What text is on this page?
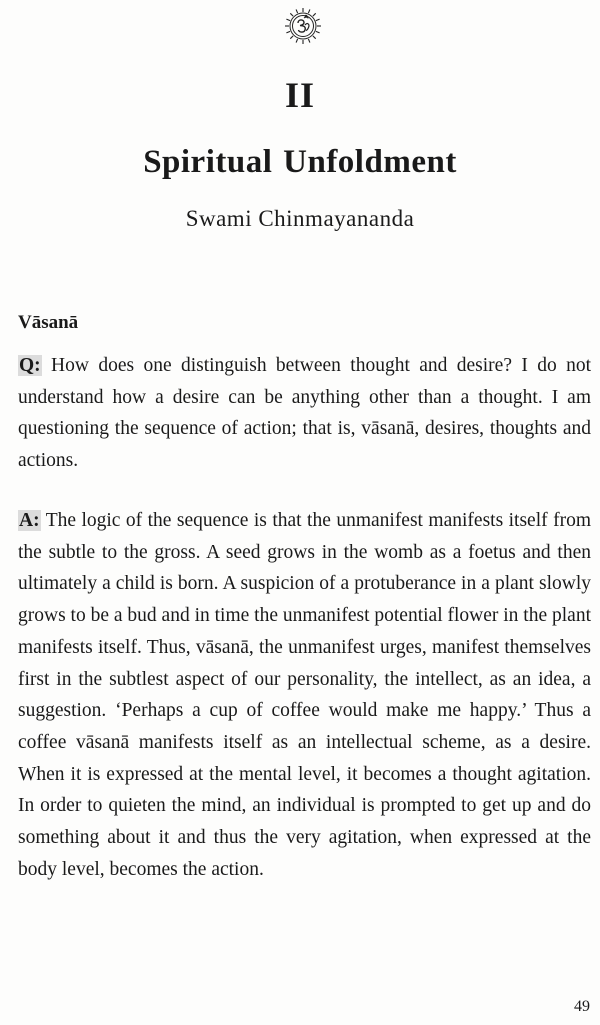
II
Spiritual Unfoldment
Swami Chinmayananda
Vāsanā
Q: How does one distinguish between thought and desire? I do not understand how a desire can be anything other than a thought. I am questioning the sequence of action; that is, vāsanā, desires, thoughts and actions.
A: The logic of the sequence is that the unmanifest manifests itself from the subtle to the gross. A seed grows in the womb as a foetus and then ultimately a child is born. A suspicion of a protuberance in a plant slowly grows to be a bud and in time the unmanifest potential flower in the plant manifests itself. Thus, vāsanā, the unmanifest urges, manifest themselves first in the subtlest aspect of our personality, the intellect, as an idea, a suggestion. ‘Perhaps a cup of coffee would make me happy.’ Thus a coffee vāsanā manifests itself as an intellectual scheme, as a desire. When it is expressed at the mental level, it becomes a thought agitation. In order to quieten the mind, an individual is prompted to get up and do something about it and thus the very agitation, when expressed at the body level, becomes the action.
49
